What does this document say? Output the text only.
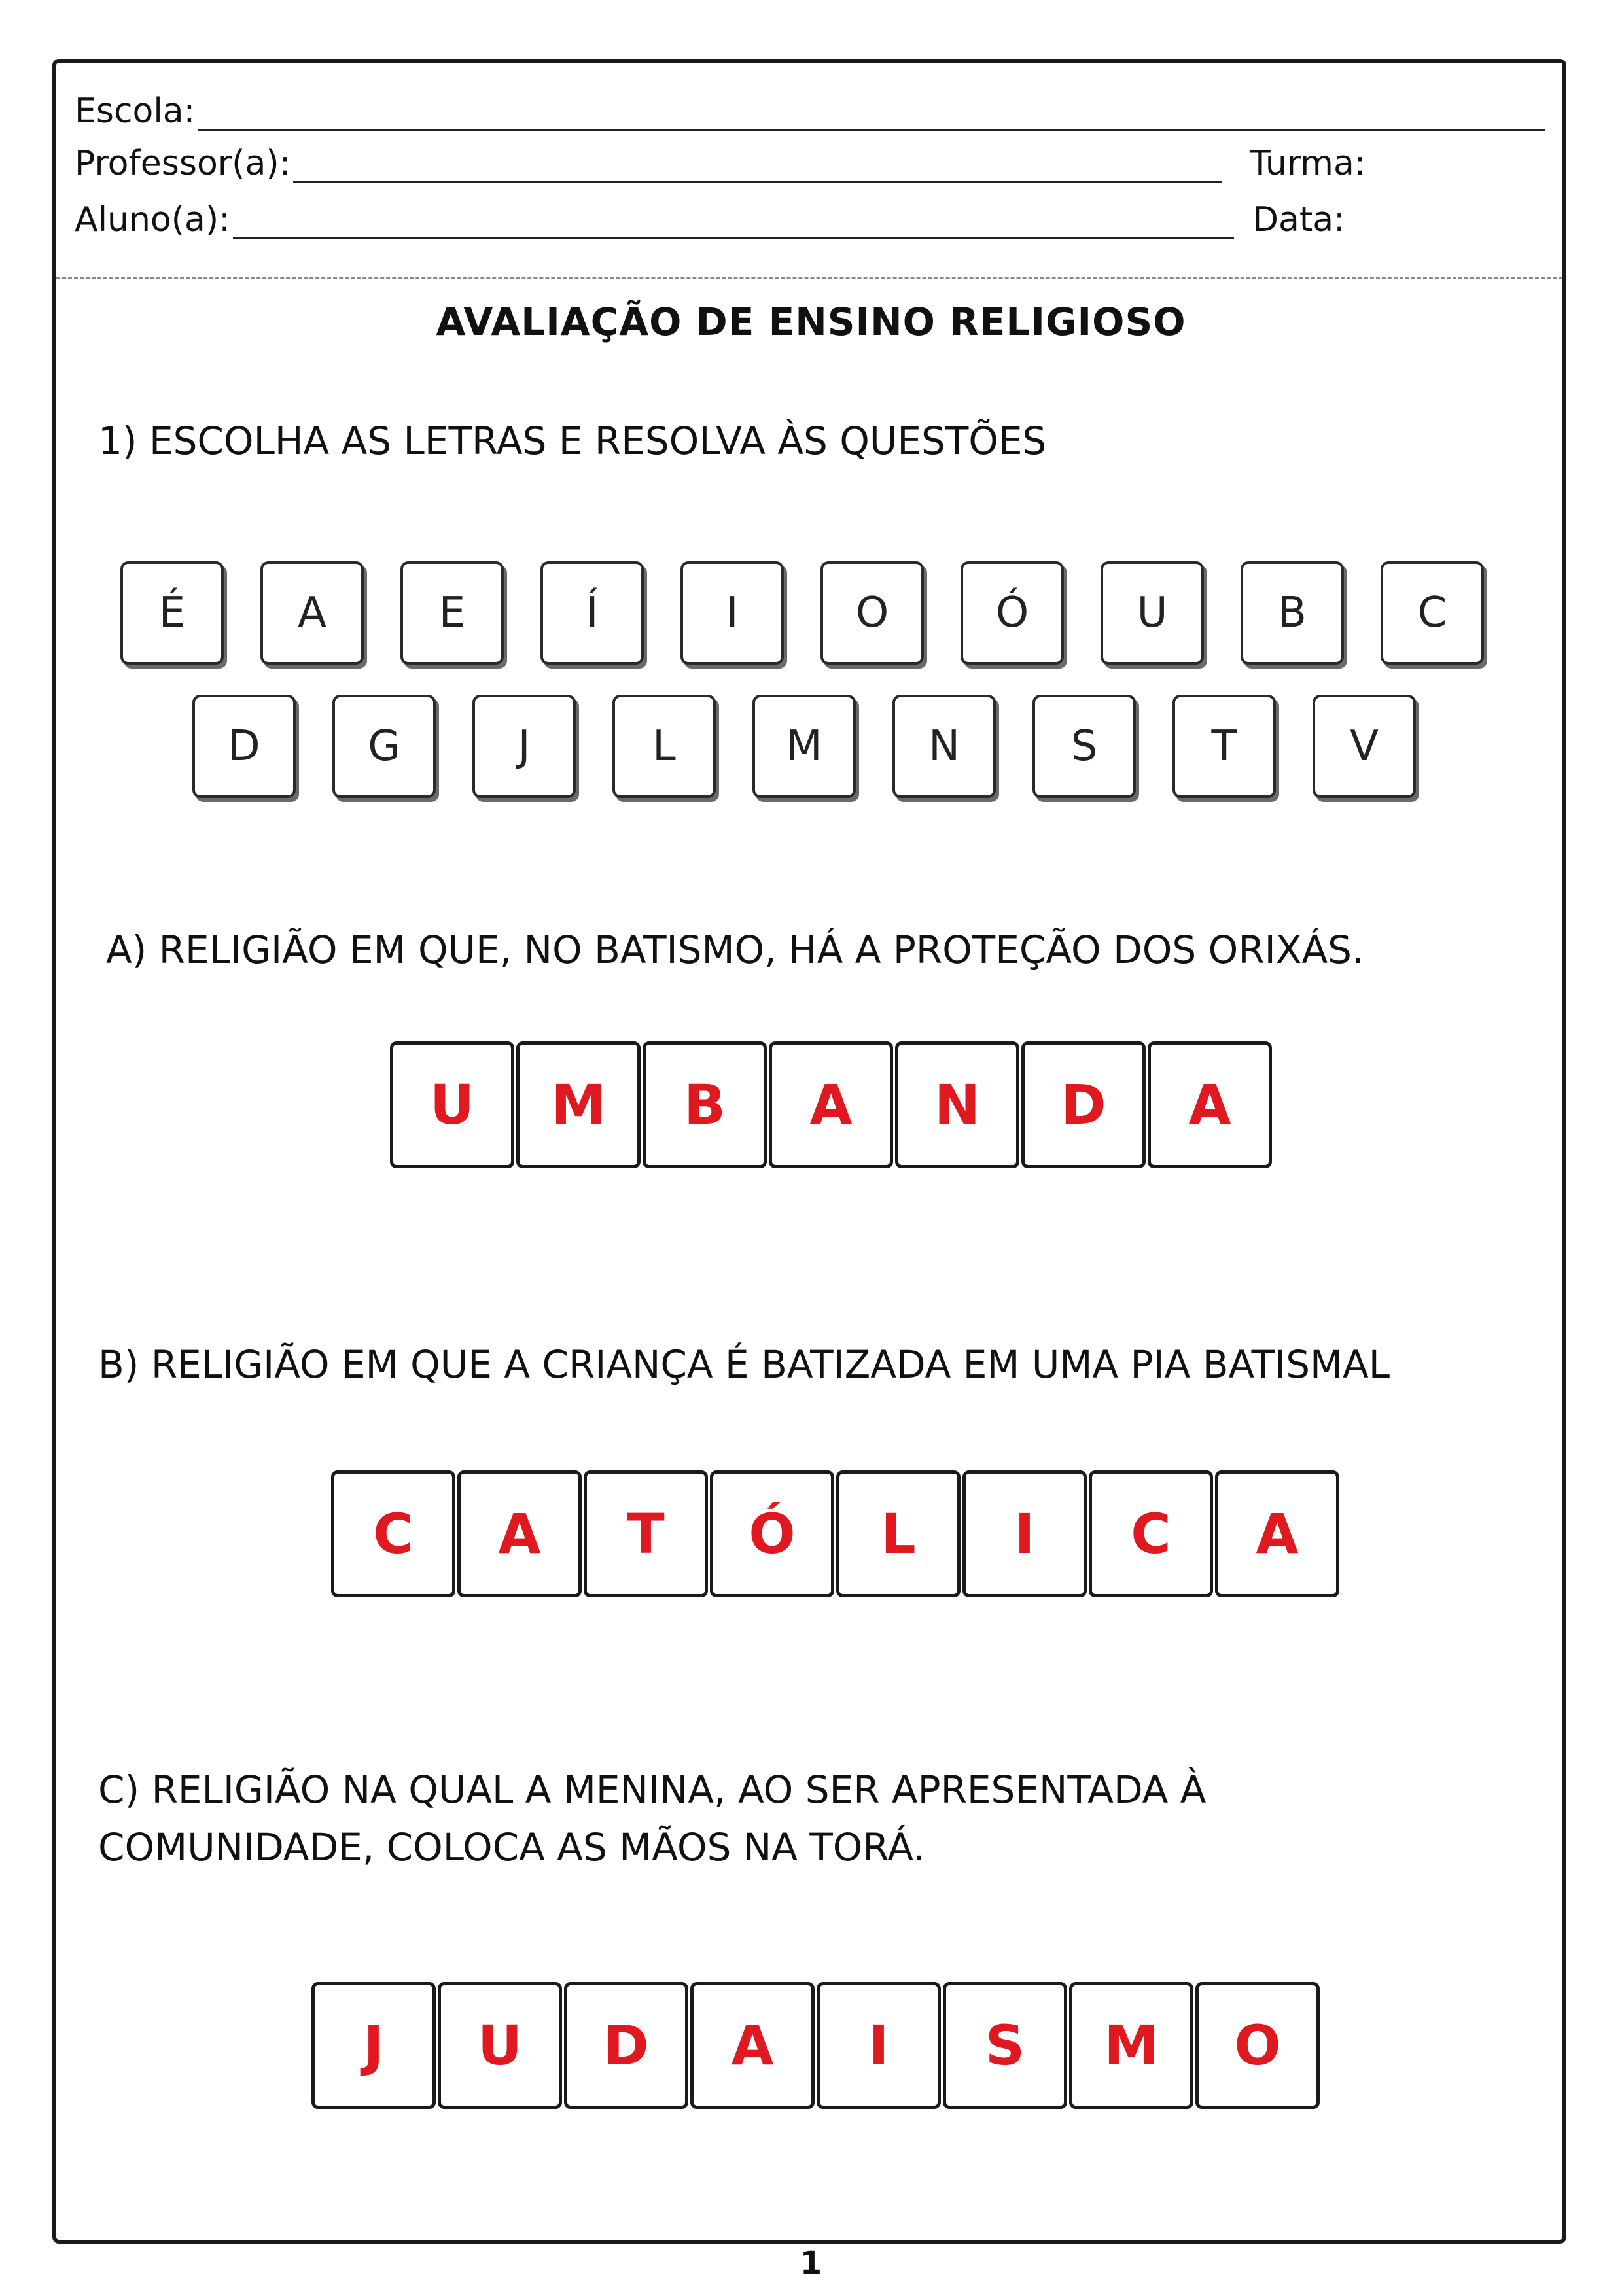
Escola:
Professor(a):	Turma:
Aluno(a):	Data:
AVALIAÇÃO DE ENSINO RELIGIOSO
1) ESCOLHA AS LETRAS E RESOLVA ÀS QUESTÕES
É	A	E	Í	I	O	Ó	U	B	C
D	G	J	L	M	N	S	T	V
A) RELIGIÃO EM QUE, NO BATISMO, HÁ A PROTEÇÃO DOS ORIXÁS.
U	M	B	A	N	D	A
B) RELIGIÃO EM QUE A CRIANÇA É BATIZADA EM UMA PIA BATISMAL
C	A	T	Ó	L	I	C	A
C) RELIGIÃO NA QUAL A MENINA, AO SER APRESENTADA À
COMUNIDADE, COLOCA AS MÃOS NA TORÁ.
J	U	D	A	I	S	M	O
1
